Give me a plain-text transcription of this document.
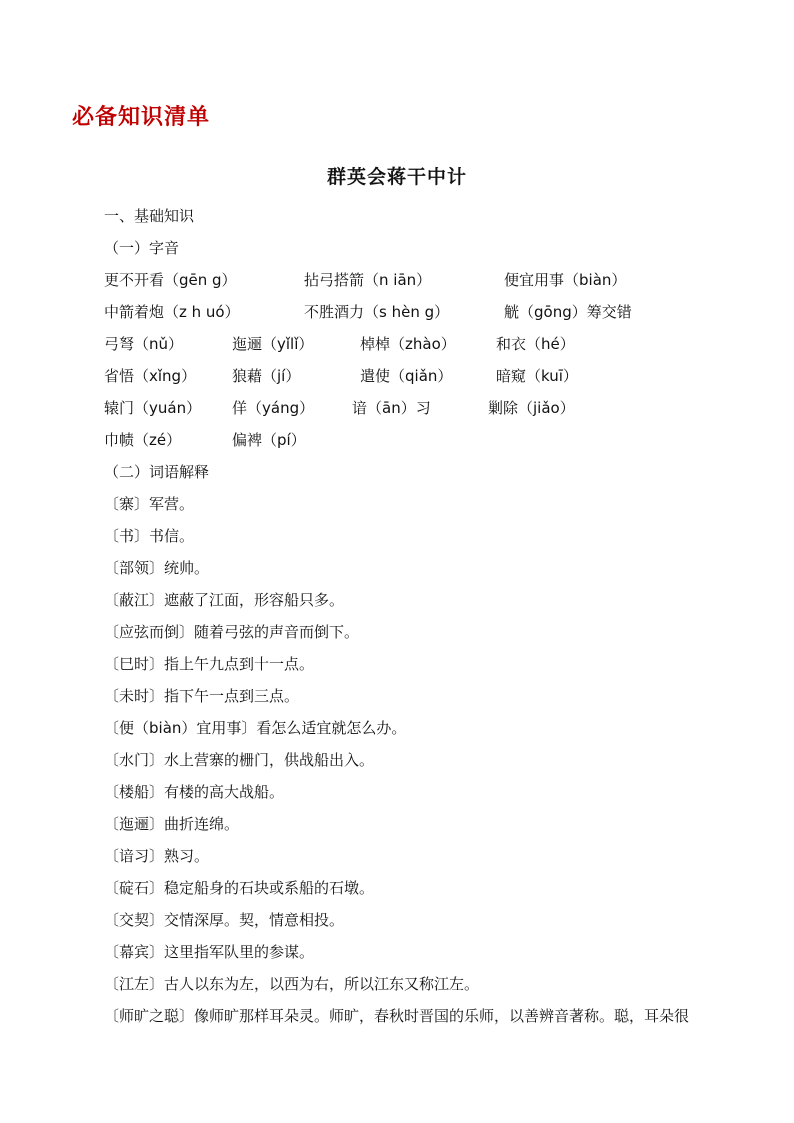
必备知识清单
群英会蒋干中计
一、基础知识
（一）字音
更不开看（gēn g）	拈弓搭箭（n iān）	便宜用事（biàn）
中箭着炮（z h uó）	不胜酒力（s hèn g）	觥（gōng）筹交错
弓弩（nǔ）	迤逦（yǐlǐ）	棹棹（zhào）	和衣（hé）
省悟（xǐng） 狼藉（jí）	遣使（qiǎn）	暗窥（kuī）
辕门（yuán） 佯（yáng）	谙（ān）习	剿除（jiǎo）
巾帻（zé）	偏裨（pí）
（二）词语解释
〔寨〕军营。
〔书〕书信。
〔部领〕统帅。
〔蔽江〕遮蔽了江面，形容船只多。
〔应弦而倒〕随着弓弦的声音而倒下。
〔巳时〕指上午九点到十一点。
〔未时〕指下午一点到三点。
〔便（biàn）宜用事〕看怎么适宜就怎么办。
〔水门〕水上营寨的栅门，供战船出入。
〔楼船〕有楼的高大战船。
〔迤逦〕曲折连绵。
〔谙习〕熟习。
〔碇石〕稳定船身的石块或系船的石墩。
〔交契〕交情深厚。契，情意相投。
〔幕宾〕这里指军队里的参谋。
〔江左〕古人以东为左，以西为右，所以江东又称江左。
〔师旷之聪〕像师旷那样耳朵灵。师旷，春秋时晋国的乐师，以善辨音著称。聪，耳朵很
